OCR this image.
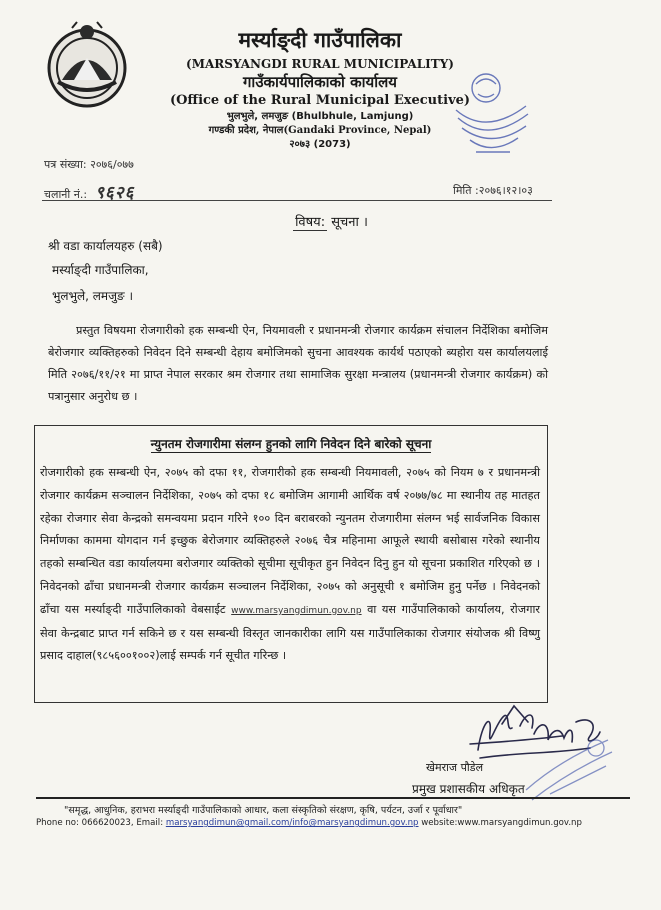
मर्स्याङ्दी गाउँपालिका
(MARSYANGDI RURAL MUNICIPALITY)
गाउँकार्यपालिकाको कार्यालय
(Office of the Rural Municipal Executive)
भुलभुले, लमजुङ (Bhulbhule, Lamjung)
गण्डकी प्रदेश, नेपाल(Gandaki Province, Nepal)
२०७३ (2073)
पत्र संख्या: २०७६/०७७
चलानी नं.: ९६२६	मिति :२०७६।१२।०३
विषय: सूचना ।
श्री वडा कार्यालयहरु (सबै)
मर्स्याङ्दी गाउँपालिका,
भुलभुले, लमजुङ ।
प्रस्तुत विषयमा रोजगारीको हक सम्बन्धी ऐन, नियमावली र प्रधानमन्त्री रोजगार कार्यक्रम संचालन निर्देशिका बमोजिम बेरोजगार व्यक्तिहरुको निवेदन दिने सम्बन्धी देहाय बमोजिमको सुचना आवश्यक कार्यर्थ पठाएको ब्यहोरा यस कार्यालयलाई मिति २०७६/११/२१ मा प्राप्त नेपाल सरकार श्रम रोजगार तथा सामाजिक सुरक्षा मन्त्रालय (प्रधानमन्त्री रोजगार कार्यक्रम) को पत्रानुसार अनुरोध छ ।
न्युनतम रोजगारीमा संलग्न हुनको लागि निवेदन दिने बारेको सूचना
रोजगारीको हक सम्बन्धी ऐन, २०७५ को दफा ११, रोजगारीको हक सम्बन्धी नियमावली, २०७५ को नियम ७ र प्रधानमन्त्री रोजगार कार्यक्रम सञ्चालन निर्देशिका, २०७५ को दफा १८ बमोजिम आगामी आर्थिक वर्ष २०७७/७८ मा स्थानीय तह मातहत रहेका रोजगार सेवा केन्द्रको समन्वयमा प्रदान गरिने १०० दिन बराबरको न्युनतम रोजगारीमा संलग्न भई सार्वजनिक विकास निर्माणका काममा योगदान गर्न इच्छुक बेरोजगार व्यक्तिहरुले २०७६ चैत्र महिनामा आफूले स्थायी बसोबास गरेको स्थानीय तहको सम्बन्धित वडा कार्यालयमा बरोजगार व्यक्तिको सूचीमा सूचीकृत हुन निवेदन दिनु हुन यो सूचना प्रकाशित गरिएको छ । निवेदनको ढाँचा प्रधानमन्त्री रोजगार कार्यक्रम सञ्चालन निर्देशिका, २०७५ को अनुसूची १ बमोजिम हुनु पर्नेछ । निवेदनको ढाँचा यस मर्स्याङ्दी गाउँपालिकाको वेबसाईट www.marsyangdimun.gov.np वा यस गाउँपालिकाको कार्यालय, रोजगार सेवा केन्द्रबाट प्राप्त गर्न सकिने छ र यस सम्बन्धी विस्तृत जानकारीका लागि यस गाउँपालिकाका रोजगार संयोजक श्री विष्णु प्रसाद दाहाल(९८५६००१००२)लाई सम्पर्क गर्न सूचीत गरिन्छ ।
खेमराज पौडेल
प्रमुख प्रशासकीय अधिकृत
"समृद्ध, आधुनिक, हराभरा मर्स्याङ्दी गाउँपालिकाको आधार, कला संस्कृतिको संरक्षण, कृषि, पर्यटन, उर्जा र पूर्वाधार"
Phone no: 066620023, Email: marsyangdimun@gmail.com/info@marsyangdimun.gov.np website:www.marsyangdimun.gov.np
